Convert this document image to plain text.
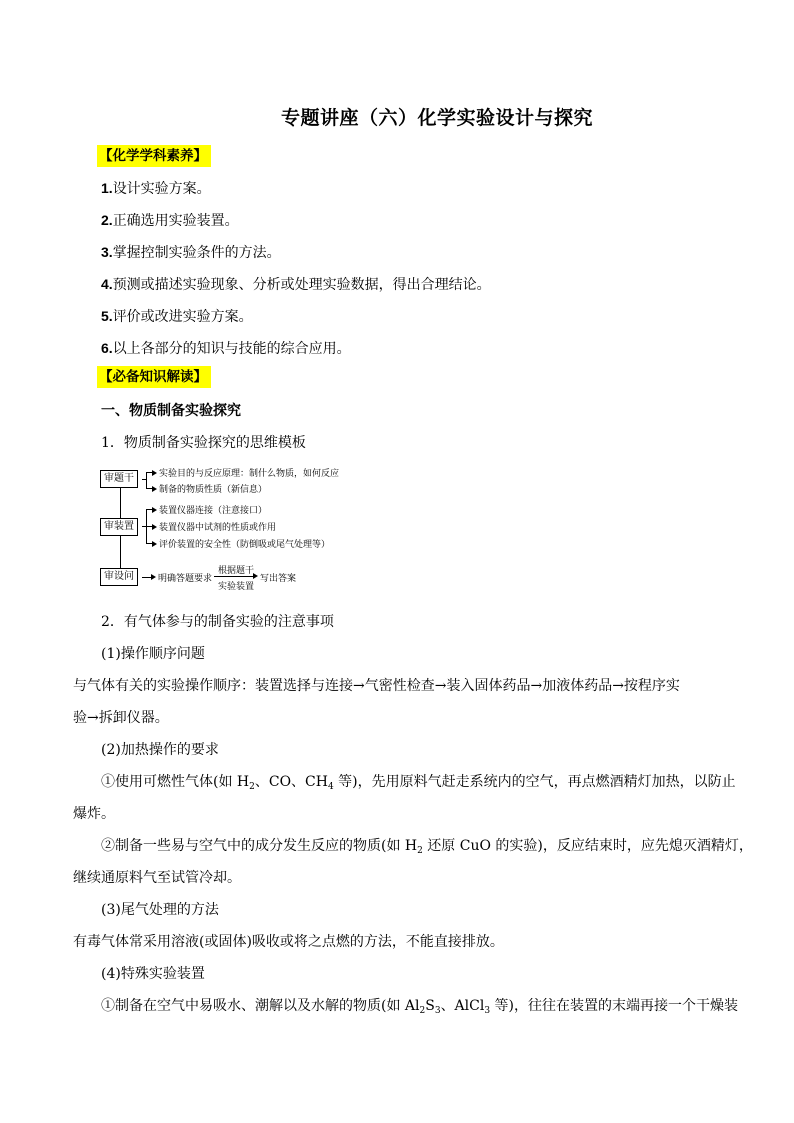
专题讲座（六）化学实验设计与探究
【化学学科素养】
1.设计实验方案。
2.正确选用实验装置。
3.掌握控制实验条件的方法。
4.预测或描述实验现象、分析或处理实验数据，得出合理结论。
5.评价或改进实验方案。
6.以上各部分的知识与技能的综合应用。
【必备知识解读】
一、物质制备实验探究
1．物质制备实验探究的思维模板
审题干	实验目的与反应原理：制什么物质，如何反应
制备的物质性质（新信息）
审装置
装置仪器连接（注意接口）
装置仪器中试剂的性质或作用
评价装置的安全性（防倒吸或尾气处理等）
审设问	明确答题要求
根据题干
实验装置
写出答案
2．有气体参与的制备实验的注意事项
(1)操作顺序问题
与气体有关的实验操作顺序：装置选择与连接→气密性检查→装入固体药品→加液体药品→按程序实
验→拆卸仪器。
(2)加热操作的要求
①使用可燃性气体(如 $H_2$、CO、$CH_4$ 等)，先用原料气赶走系统内的空气，再点燃酒精灯加热，以防止
爆炸。
②制备一些易与空气中的成分发生反应的物质(如 $H_2$ 还原 CuO 的实验)，反应结束时，应先熄灭酒精灯，
继续通原料气至试管冷却。
(3)尾气处理的方法
有毒气体常采用溶液(或固体)吸收或将之点燃的方法，不能直接排放。
(4)特殊实验装置
①制备在空气中易吸水、潮解以及水解的物质(如 $Al_2S_3$、AlCl$_3$ 等)，往往在装置的末端再接一个干燥装
